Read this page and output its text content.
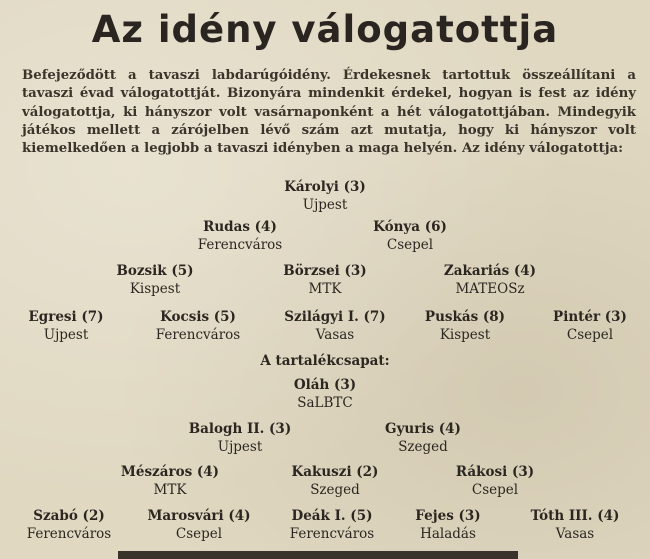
Az idény válogatottja
Befejeződött a tavaszi labdarúgóidény. Érdekesnek tartottuk összeállítani a tavaszi évad válogatottját. Bizonyára mindenkit érdekel, hogyan is fest az idény válogatottja, ki hányszor volt vasárnaponként a hét válogatottjában. Mindegyik játékos mellett a zárójelben lévő szám azt mutatja, hogy ki hányszor volt kiemelkedően a legjobb a tavaszi idényben a maga helyén. Az idény válogatottja:
Károlyi (3)
Ujpest
Rudas (4)
Ferencváros
Kónya (6)
Csepel
Bozsik (5)
Kispest
Börzsei (3)
MTK
Zakariás (4)
MATEOSz
Egresi (7)
Ujpest
Kocsis (5)
Ferencváros
Szilágyi I. (7)
Vasas
Puskás (8)
Kispest
Pintér (3)
Csepel
A tartalékcsapat:
Oláh (3)
SaLBTC
Balogh II. (3)
Ujpest
Gyuris (4)
Szeged
Mészáros (4)
MTK
Kakuszi (2)
Szeged
Rákosi (3)
Csepel
Szabó (2)
Ferencváros
Marosvári (4)
Csepel
Deák I. (5)
Ferencváros
Fejes (3)
Haladás
Tóth III. (4)
Vasas
